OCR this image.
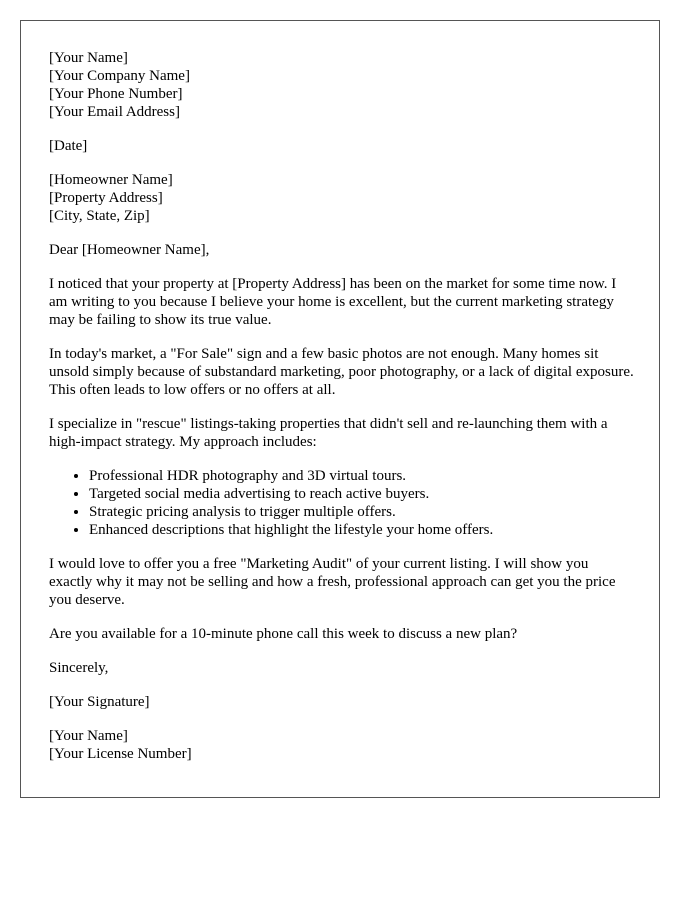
[Your Name]
[Your Company Name]
[Your Phone Number]
[Your Email Address]
[Date]
[Homeowner Name]
[Property Address]
[City, State, Zip]

Dear [Homeowner Name],

I noticed that your property at [Property Address] has been on the market for some time now. I am writing to you because I believe your home is excellent, but the current marketing strategy may be failing to show its true value.

In today's market, a "For Sale" sign and a few basic photos are not enough. Many homes sit unsold simply because of substandard marketing, poor photography, or a lack of digital exposure. This often leads to low offers or no offers at all.

I specialize in "rescue" listings-taking properties that didn't sell and re-launching them with a high-impact strategy. My approach includes:

• Professional HDR photography and 3D virtual tours.
• Targeted social media advertising to reach active buyers.
• Strategic pricing analysis to trigger multiple offers.
• Enhanced descriptions that highlight the lifestyle your home offers.

I would love to offer you a free "Marketing Audit" of your current listing. I will show you exactly why it may not be selling and how a fresh, professional approach can get you the price you deserve.

Are you available for a 10-minute phone call this week to discuss a new plan?

Sincerely,

[Your Signature]

[Your Name]
[Your License Number]
